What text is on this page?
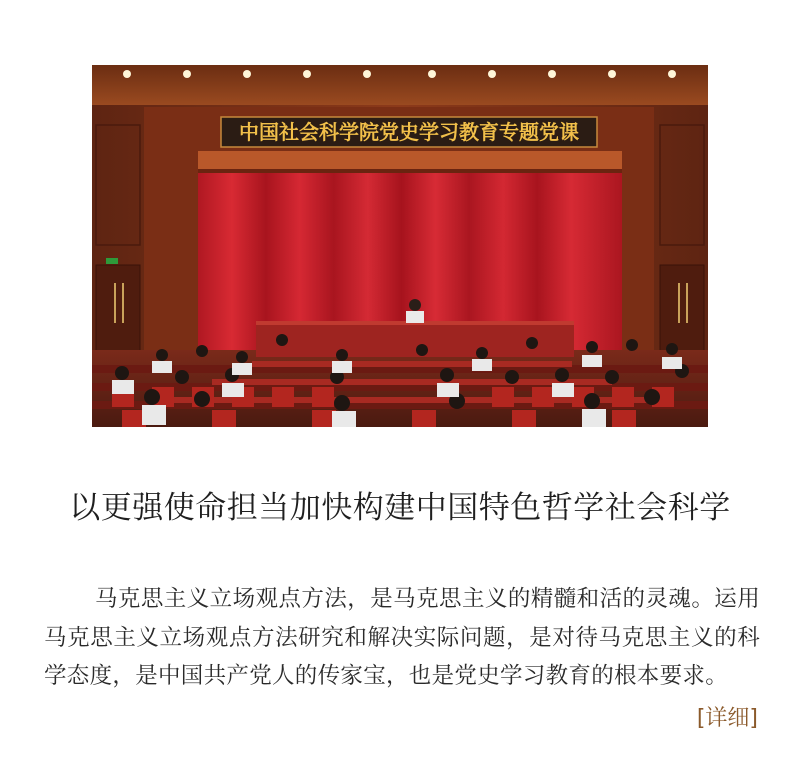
中国社会科学院党史学习教育专题党课
以更强使命担当加快构建中国特色哲学社会科学

马克思主义立场观点方法，是马克思主义的精髓和活的灵魂。运用马克思主义立场观点方法研究和解决实际问题，是对待马克思主义的科学态度，是中国共产党人的传家宝，也是党史学习教育的根本要求。

[详细]
